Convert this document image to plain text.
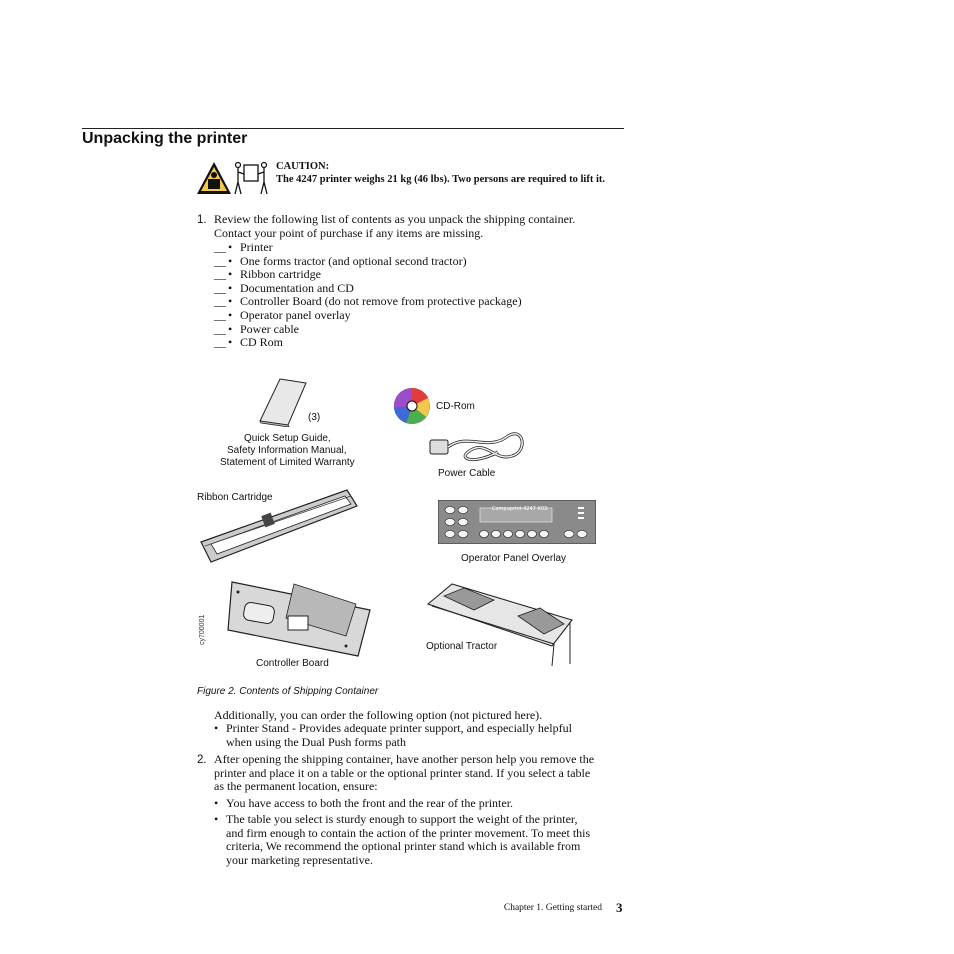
Unpacking the printer
CAUTION:
The 4247 printer weighs 21 kg (46 lbs). Two persons are required to lift it.
1. Review the following list of contents as you unpack the shipping container.
Contact your point of purchase if any items are missing.
__ • Printer
__ • One forms tractor (and optional second tractor)
__ • Ribbon cartridge
__ • Documentation and CD
__ • Controller Board (do not remove from protective package)
__ • Operator panel overlay
__ • Power cable
__ • CD Rom
(3)
Quick Setup Guide,
Safety Information Manual,
Statement of Limited Warranty
CD-Rom
Power Cable
Ribbon Cartridge
Compuprint 4247 X03
Operator Panel Overlay
cy700001
Controller Board
Optional Tractor
Figure 2. Contents of Shipping Container
Additionally, you can order the following option (not pictured here).
• Printer Stand - Provides adequate printer support, and especially helpful
when using the Dual Push forms path
2. After opening the shipping container, have another person help you remove the
printer and place it on a table or the optional printer stand. If you select a table
as the permanent location, ensure:
• You have access to both the front and the rear of the printer.
• The table you select is sturdy enough to support the weight of the printer,
and firm enough to contain the action of the printer movement. To meet this
criteria, We recommend the optional printer stand which is available from
your marketing representative.
Chapter 1. Getting started 3
